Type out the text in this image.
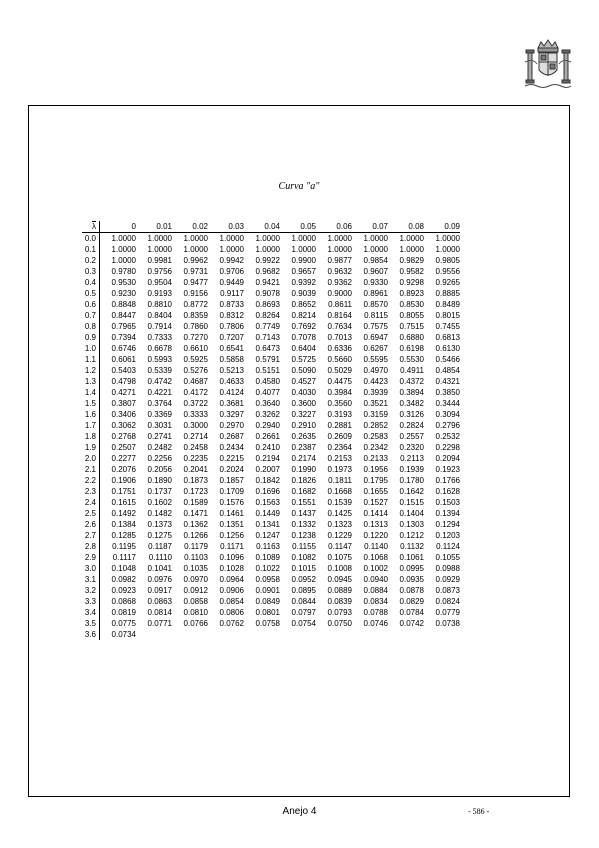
Curva "a"
$\overline{\lambda}$	0	0.01	0.02	0.03	0.04	0.05	0.06	0.07	0.08	0.09
0.0	1.0000	1.0000	1.0000	1.0000	1.0000	1.0000	1.0000	1.0000	1.0000	1.0000
0.1	1.0000	1.0000	1.0000	1.0000	1.0000	1.0000	1.0000	1.0000	1.0000	1.0000
0.2	1.0000	0.9981	0.9962	0.9942	0.9922	0.9900	0.9877	0.9854	0.9829	0.9805
0.3	0.9780	0.9756	0.9731	0.9706	0.9682	0.9657	0.9632	0.9607	0.9582	0.9556
0.4	0.9530	0.9504	0.9477	0.9449	0.9421	0.9392	0.9362	0.9330	0.9298	0.9265
0.5	0.9230	0.9193	0.9156	0.9117	0.9078	0.9039	0.9000	0.8961	0.8923	0.8885
0.6	0.8848	0.8810	0.8772	0.8733	0.8693	0.8652	0.8611	0.8570	0.8530	0.8489
0.7	0.8447	0.8404	0.8359	0.8312	0.8264	0.8214	0.8164	0.8115	0.8055	0.8015
0.8	0.7965	0.7914	0.7860	0.7806	0.7749	0.7692	0.7634	0.7575	0.7515	0.7455
0.9	0.7394	0.7333	0.7270	0.7207	0.7143	0.7078	0.7013	0.6947	0.6880	0.6813
1.0	0.6746	0.6678	0.6610	0.6541	0.6473	0.6404	0.6336	0.6267	0.6198	0.6130
1.1	0.6061	0.5993	0.5925	0.5858	0.5791	0.5725	0.5660	0.5595	0.5530	0.5466
1.2	0.5403	0.5339	0.5276	0.5213	0.5151	0.5090	0.5029	0.4970	0.4911	0.4854
1.3	0.4798	0.4742	0.4687	0.4633	0.4580	0.4527	0.4475	0.4423	0.4372	0.4321
1.4	0.4271	0.4221	0.4172	0.4124	0.4077	0.4030	0.3984	0.3939	0.3894	0.3850
1.5	0.3807	0.3764	0.3722	0.3681	0.3640	0.3600	0.3560	0.3521	0.3482	0.3444
1.6	0.3406	0.3369	0.3333	0.3297	0.3262	0.3227	0.3193	0.3159	0.3126	0.3094
1.7	0.3062	0.3031	0.3000	0.2970	0.2940	0.2910	0.2881	0.2852	0.2824	0.2796
1.8	0.2768	0.2741	0.2714	0.2687	0.2661	0.2635	0.2609	0.2583	0.2557	0.2532
1.9	0.2507	0.2482	0.2458	0.2434	0.2410	0.2387	0.2364	0.2342	0.2320	0.2298
2.0	0.2277	0.2256	0.2235	0.2215	0.2194	0.2174	0.2153	0.2133	0.2113	0.2094
2.1	0.2076	0.2056	0.2041	0.2024	0.2007	0.1990	0.1973	0.1956	0.1939	0.1923
2.2	0.1906	0.1890	0.1873	0.1857	0.1842	0.1826	0.1811	0.1795	0.1780	0.1766
2.3	0.1751	0.1737	0.1723	0.1709	0.1696	0.1682	0.1668	0.1655	0.1642	0.1628
2.4	0.1615	0.1602	0.1589	0.1576	0.1563	0.1551	0.1539	0.1527	0.1515	0.1503
2.5	0.1492	0.1482	0.1471	0.1461	0.1449	0.1437	0.1425	0.1414	0.1404	0.1394
2.6	0.1384	0.1373	0.1362	0.1351	0.1341	0.1332	0.1323	0.1313	0.1303	0.1294
2.7	0.1285	0.1275	0.1266	0.1256	0.1247	0.1238	0.1229	0.1220	0.1212	0.1203
2.8	0.1195	0.1187	0.1179	0.1171	0.1163	0.1155	0.1147	0.1140	0.1132	0.1124
2.9	0.1117	0.1110	0.1103	0.1096	0.1089	0.1082	0.1075	0.1068	0.1061	0.1055
3.0	0.1048	0.1041	0.1035	0.1028	0.1022	0.1015	0.1008	0.1002	0.0995	0.0988
3.1	0.0982	0.0976	0.0970	0.0964	0.0958	0.0952	0.0945	0.0940	0.0935	0.0929
3.2	0.0923	0.0917	0.0912	0.0906	0.0901	0.0895	0.0889	0.0884	0.0878	0.0873
3.3	0.0868	0.0863	0.0858	0.0854	0.0849	0.0844	0.0839	0.0834	0.0829	0.0824
3.4	0.0819	0.0814	0.0810	0.0806	0.0801	0.0797	0.0793	0.0788	0.0784	0.0779
3.5	0.0775	0.0771	0.0766	0.0762	0.0758	0.0754	0.0750	0.0746	0.0742	0.0738
3.6	0.0734									
Anejo 4	- 586 -
